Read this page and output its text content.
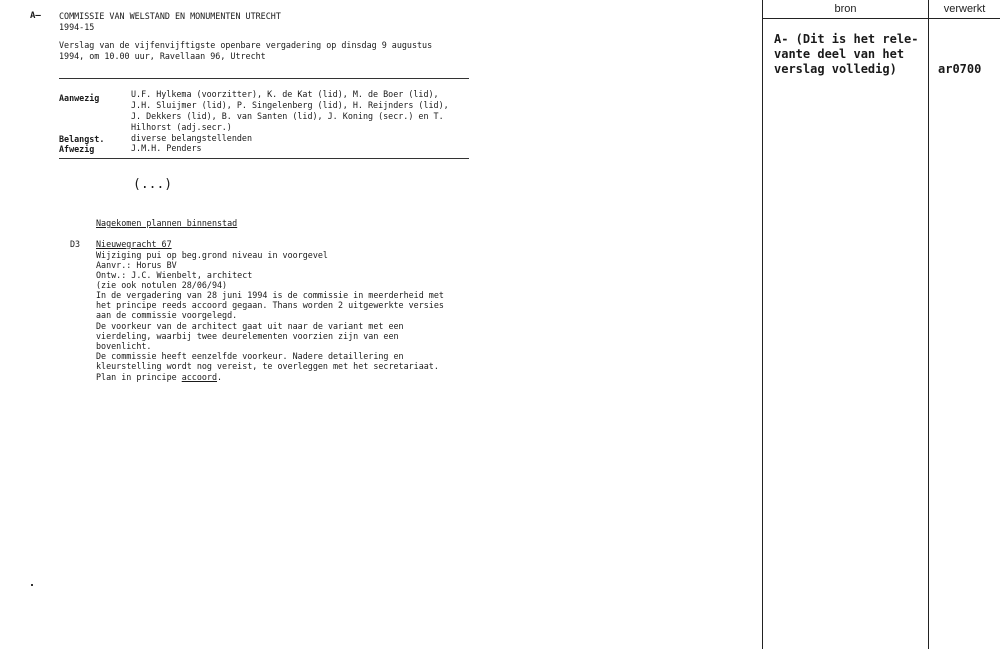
A— COMMISSIE VAN WELSTAND EN MONUMENTEN UTRECHT
1994-15
Verslag van de vijfenvijftigste openbare vergadering op dinsdag 9 augustus
1994, om 10.00 uur, Ravellaan 96, Utrecht
Aanwezig	U.F. Hylkema (voorzitter), K. de Kat (lid), M. de Boer (lid),
J.H. Sluijmer (lid), P. Singelenberg (lid), H. Reijnders (lid),
J. Dekkers (lid), B. van Santen (lid), J. Koning (secr.) en T.
Hilhorst (adj.secr.)
Belangst.	diverse belangstellenden
Afwezig	J.M.H. Penders
(...)
Nagekomen plannen binnenstad
D3 Nieuwegracht 67
Wijziging pui op beg.grond niveau in voorgevel
Aanvr.: Horus BV
Ontw.: J.C. Wienbelt, architect
(zie ook notulen 28/06/94)
In de vergadering van 28 juni 1994 is de commissie in meerderheid met
het principe reeds accoord gegaan. Thans worden 2 uitgewerkte versies
aan de commissie voorgelegd.
De voorkeur van de architect gaat uit naar de variant met een
vierdeling, waarbij twee deurelementen voorzien zijn van een
bovenlicht.
De commissie heeft eenzelfde voorkeur. Nadere detaillering en
kleurstelling wordt nog vereist, te overleggen met het secretariaat.
Plan in principe accoord.
bron	verwerkt
A- (Dit is het rele-
vante deel van het
verslag volledig)	ar0700
